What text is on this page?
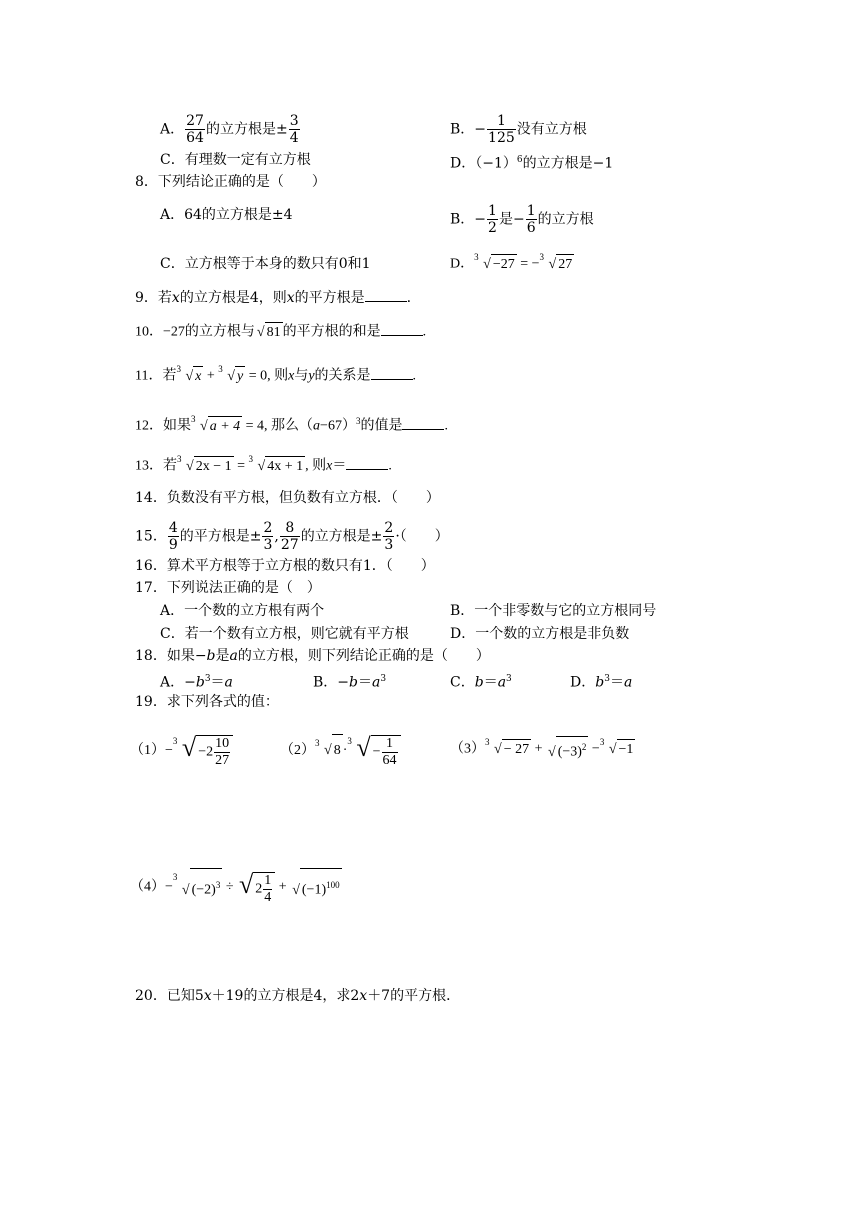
A． $\frac{27}{64}$ 的立方根是± $\frac{3}{4}$	B．− $\frac{1}{125}$ 没有立方根
C．有理数一定有立方根	D．$(-1)^6$的立方根是−1
8．下列结论正确的是（　　）
A．64的立方根是±4	B．− $\frac{1}{2}$ 是− $\frac{1}{6}$ 的立方根
C．立方根等于本身的数只有0和1	D． 3 √ −27 = − 3 √ 27
9．若x的立方根是4，则x的平方根是	.
10．−27的立方根与 √ 81 的平方根的和是	.
11．若 3 √ x + 3 √ y = 0, 则x与y的关系是	.
12．如果 3 √ a + 4 = 4, 那么$(a-67)^3$的值是	.
13．若 3 √ 2x − 1 = 3 √ 4x + 1 , 则x＝	.
14．负数没有平方根，但负数有立方根．（　　）
15． $\frac{4}{9}$ 的平方根是± $\frac{2}{3}$ , $\frac{8}{27}$ 的立方根是± $\frac{2}{3}$ ·（　　）
16．算术平方根等于立方根的数只有1．（　　）
17．下列说法正确的是（　）
A．一个数的立方根有两个	B．一个非零数与它的立方根同号
C．若一个数有立方根，则它就有平方根	D．一个数的立方根是非负数
18．如果−b是a的立方根，则下列结论正确的是（　　）
A．$-b^3=a$	B．$-b=a^3$	C．$b=a^3$	D．$b^3=a$
19．求下列各式的值：
（1）−
3 √ $-2 \frac{10}{27}$	（2） 3 √ 8 ·
3 √ − $\frac{1}{64}$	（3） 3 √ − 27 + √ $(-3)^2 - 3$ √ −1
（4）−
3
√ $(-2)^3$ ÷ √ $2 \frac{1}{4}$ + √ $(-1)^{100}$
20．已知5x＋19的立方根是4，求2x＋7的平方根．
